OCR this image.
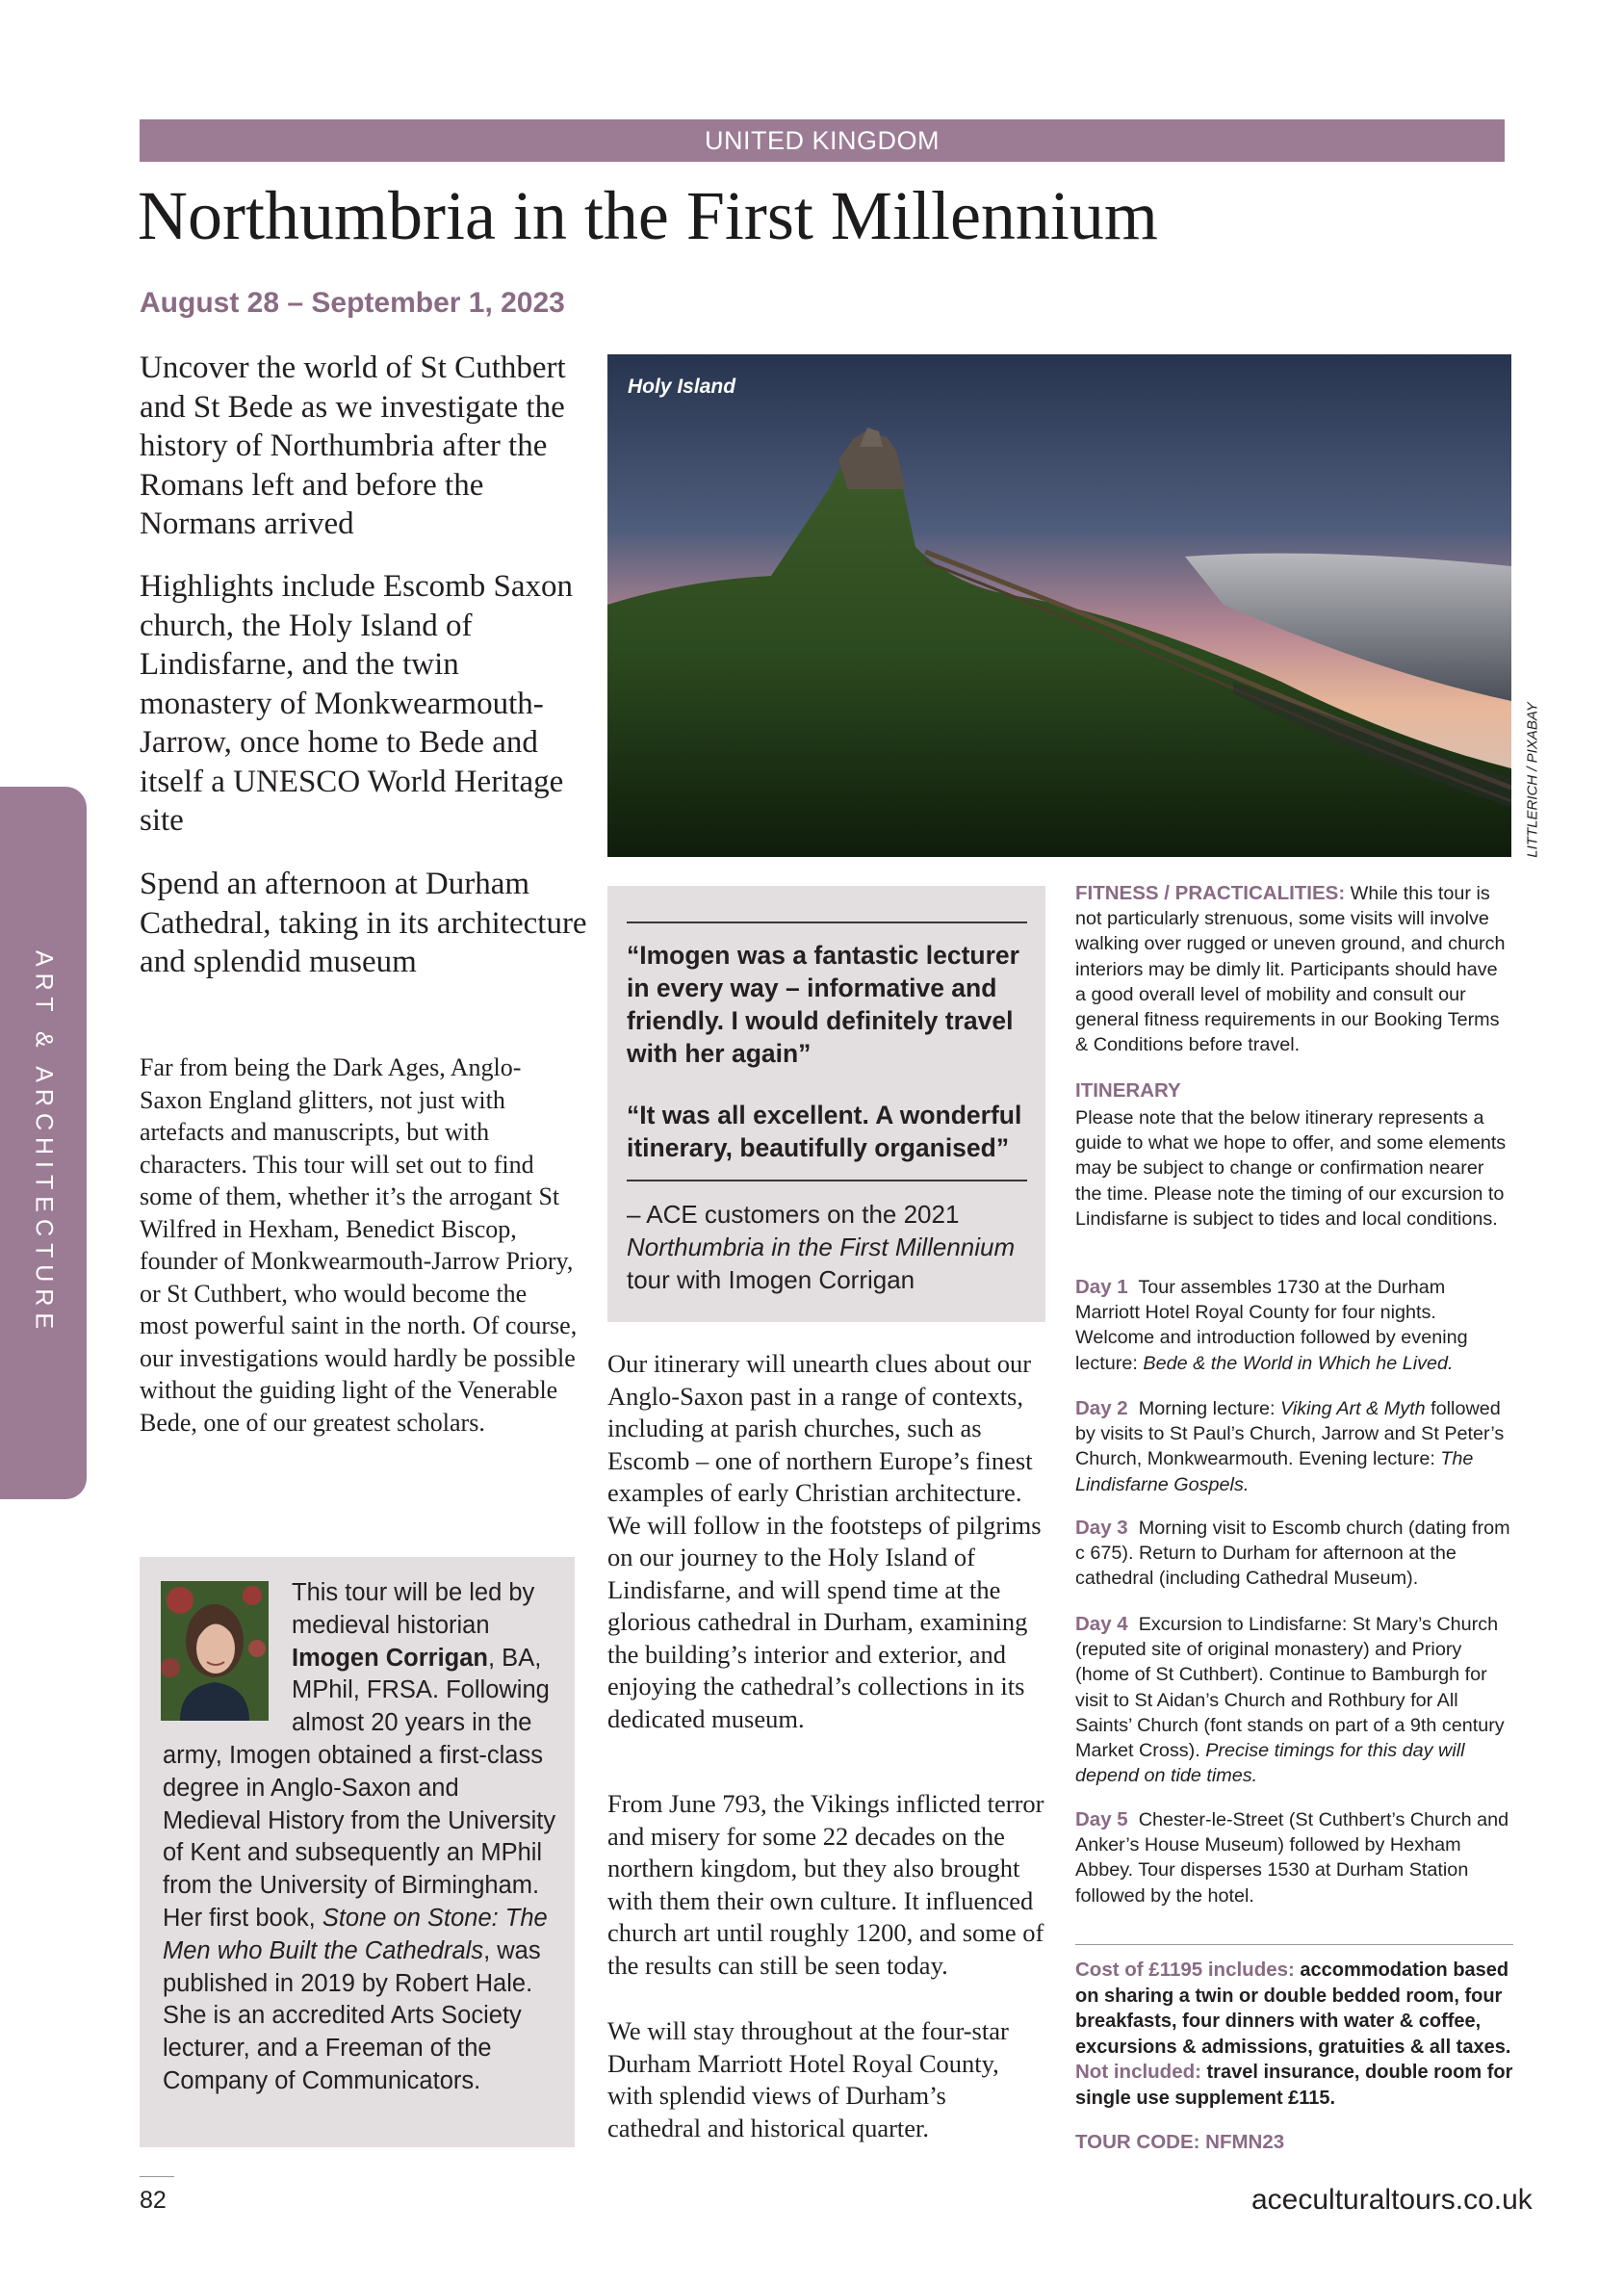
UNITED KINGDOM
Northumbria in the First Millennium
August 28 – September 1, 2023
ART & ARCHITECTURE
Uncover the world of St Cuthbert and St Bede as we investigate the history of Northumbria after the Romans left and before the Normans arrived
Highlights include Escomb Saxon church, the Holy Island of Lindisfarne, and the twin monastery of Monkwearmouth-Jarrow, once home to Bede and itself a UNESCO World Heritage site
Spend an afternoon at Durham Cathedral, taking in its architecture and splendid museum
Far from being the Dark Ages, Anglo-Saxon England glitters, not just with artefacts and manuscripts, but with characters. This tour will set out to find some of them, whether it’s the arrogant St Wilfred in Hexham, Benedict Biscop, founder of Monkwearmouth-Jarrow Priory, or St Cuthbert, who would become the most powerful saint in the north. Of course, our investigations would hardly be possible without the guiding light of the Venerable Bede, one of our greatest scholars.
This tour will be led by medieval historian Imogen Corrigan, BA, MPhil, FRSA. Following almost 20 years in the army, Imogen obtained a first-class degree in Anglo-Saxon and Medieval History from the University of Kent and subsequently an MPhil from the University of Birmingham. Her first book, Stone on Stone: The Men who Built the Cathedrals, was published in 2019 by Robert Hale. She is an accredited Arts Society lecturer, and a Freeman of the Company of Communicators.
Holy Island
LITTLERICH / PIXABAY
“Imogen was a fantastic lecturer in every way – informative and friendly. I would definitely travel with her again”
“It was all excellent. A wonderful itinerary, beautifully organised”
– ACE customers on the 2021 Northumbria in the First Millennium tour with Imogen Corrigan
Our itinerary will unearth clues about our Anglo-Saxon past in a range of contexts, including at parish churches, such as Escomb – one of northern Europe’s finest examples of early Christian architecture. We will follow in the footsteps of pilgrims on our journey to the Holy Island of Lindisfarne, and will spend time at the glorious cathedral in Durham, examining the building’s interior and exterior, and enjoying the cathedral’s collections in its dedicated museum.
From June 793, the Vikings inflicted terror and misery for some 22 decades on the northern kingdom, but they also brought with them their own culture. It influenced church art until roughly 1200, and some of the results can still be seen today.
We will stay throughout at the four-star Durham Marriott Hotel Royal County, with splendid views of Durham’s cathedral and historical quarter.
FITNESS / PRACTICALITIES: While this tour is not particularly strenuous, some visits will involve walking over rugged or uneven ground, and church interiors may be dimly lit. Participants should have a good overall level of mobility and consult our general fitness requirements in our Booking Terms & Conditions before travel.
ITINERARY
Please note that the below itinerary represents a guide to what we hope to offer, and some elements may be subject to change or confirmation nearer the time. Please note the timing of our excursion to Lindisfarne is subject to tides and local conditions.
Day 1 Tour assembles 1730 at the Durham Marriott Hotel Royal County for four nights. Welcome and introduction followed by evening lecture: Bede & the World in Which he Lived.
Day 2 Morning lecture: Viking Art & Myth followed by visits to St Paul’s Church, Jarrow and St Peter’s Church, Monkwearmouth. Evening lecture: The Lindisfarne Gospels.
Day 3 Morning visit to Escomb church (dating from c 675). Return to Durham for afternoon at the cathedral (including Cathedral Museum).
Day 4 Excursion to Lindisfarne: St Mary’s Church (reputed site of original monastery) and Priory (home of St Cuthbert). Continue to Bamburgh for visit to St Aidan’s Church and Rothbury for All Saints’ Church (font stands on part of a 9th century Market Cross). Precise timings for this day will depend on tide times.
Day 5 Chester-le-Street (St Cuthbert’s Church and Anker’s House Museum) followed by Hexham Abbey. Tour disperses 1530 at Durham Station followed by the hotel.
Cost of £1195 includes: accommodation based on sharing a twin or double bedded room, four breakfasts, four dinners with water & coffee, excursions & admissions, gratuities & all taxes. Not included: travel insurance, double room for single use supplement £115.
TOUR CODE: NFMN23
82	aceculturaltours.co.uk
